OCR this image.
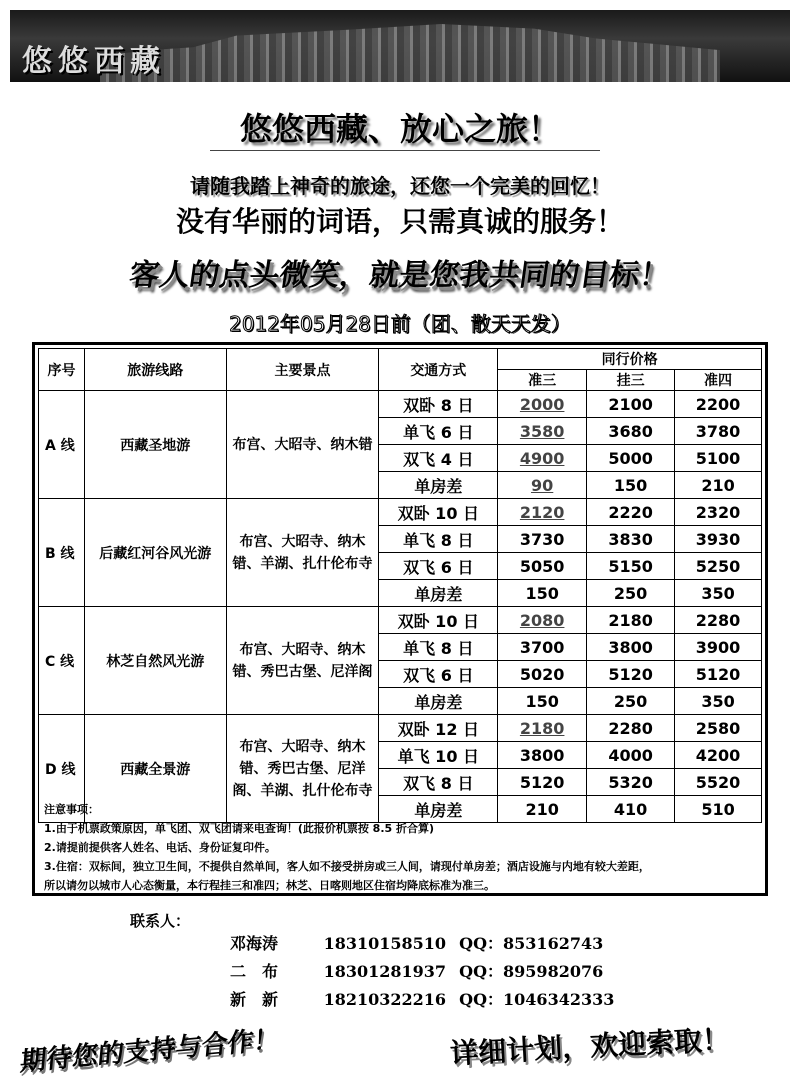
悠悠西藏
悠悠西藏、放心之旅！
请随我踏上神奇的旅途，还您一个完美的回忆！
没有华丽的词语，只需真诚的服务！
客人的点头微笑，就是您我共同的目标！
2012年05月28日前（团、散天天发）
序号	旅游线路	主要景点	交通方式	同行价格		
				准三	挂三	准四
A 线	西藏圣地游	布宫、大昭寺、纳木错	双卧 8 日	2000	2100	2200
			单飞 6 日	3580	3680	3780
			双飞 4 日	4900	5000	5100
			单房差	90	150	210
B 线	后藏红河谷风光游	布宫、大昭寺、纳木错、羊湖、扎什伦布寺	双卧 10 日	2120	2220	2320
			单飞 8 日	3730	3830	3930
			双飞 6 日	5050	5150	5250
			单房差	150	250	350
C 线	林芝自然风光游	布宫、大昭寺、纳木错、秀巴古堡、尼洋阁	双卧 10 日	2080	2180	2280
			单飞 8 日	3700	3800	3900
			双飞 6 日	5020	5120	5120
			单房差	150	250	350
D 线	西藏全景游	布宫、大昭寺、纳木错、秀巴古堡、尼洋阁、羊湖、扎什伦布寺	双卧 12 日	2180	2280	2580
			单飞 10 日	3800	4000	4200
			双飞 8 日	5120	5320	5520
			单房差	210	410	510
注意事项：
1.由于机票政策原因，单飞团、双飞团请来电查询！(此报价机票按 8.5 折合算)
2.请提前提供客人姓名、电话、身份证复印件。
3.住宿：双标间，独立卫生间，不提供自然单间，客人如不接受拼房或三人间，请现付单房差；酒店设施与内地有较大差距，
所以请勿以城市人心态衡量，本行程挂三和准四；林芝、日喀则地区住宿均降底标准为准三。
联系人：
邓海涛	18310158510 QQ：853162743
二　布	18301281937 QQ：895982076
新　新	18210322216 QQ：1046342333
期待您的支持与合作！	详细计划，欢迎索取！
